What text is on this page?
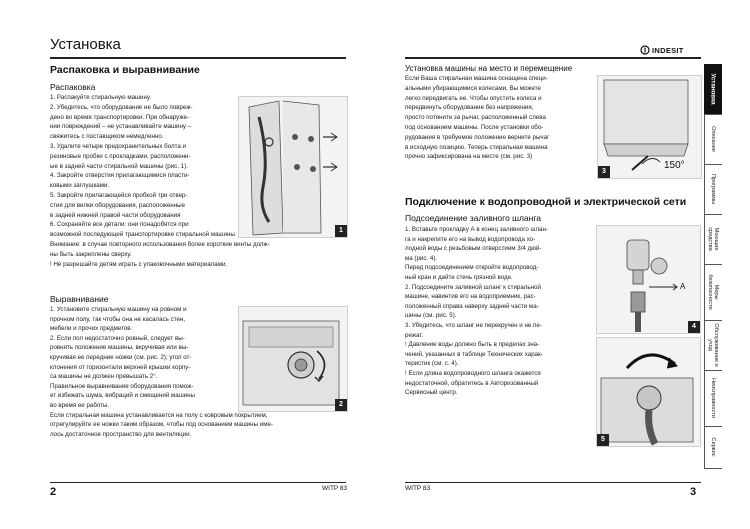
Установка
Распаковка и выравнивание
Распаковка
1. Распакуйте стиральную машину.
2. Убедитесь, что оборудование не было повреж-
дено во время транспортировки. При обнаруже-
нии повреждений – не устанавливайте машину –
свяжитесь с поставщиком немедленно.
3. Удалите четыре предохранительных болта и
резиновые пробки с прокладками, расположенн-
ые в задней части стиральной машины (рис. 1).
4. Закройте отверстия прилагающимися пласти-
ковыми заглушками.
5. Закройте прилагающейся пробкой три отвер-
стия для вилки оборудования, расположенные
в задней нижней правой части оборудования
6. Сохраняйте все детали: они понадобятся при
возможной последующей транспортировке стиральной машины.
Внимание: в случае повторного использования более короткие винты долж-
ны быть закреплены сверху.
! Не разрешайте детям играть с упаковочными материалами.
1
Выравнивание
1. Установите стиральную машину на ровном и
прочном полу, так чтобы она не касалась стен,
мебели и прочих предметов.
2. Если пол недостаточно ровный, следует вы-
ровнять положение машины, вкручивая или вы-
кручивая ее передние ножки (см. рис. 2); угол от-
клонения от горизонтали верхней крышки корпу-
са машины не должен превышать 2°.
Правильное выравнивание оборудования помож-
ет избежать шума, вибраций и смещений машины
во время ее работы.
Если стиральная машина устанавливается на полу с ковровым покрытием,
отрегулируйте ее ножки таким образом, чтобы под основанием машины име-
лось достаточное пространство для вентиляции.
2
2	WITP 83
INDESIT
Установка машины на место и перемещение
Если Ваша стиральная машина оснащена специ-
альными убирающимися колесами, Вы можете
легко передвигать ее. Чтобы опустить колеса и
передвинуть оборудование без напряжения,
просто потяните за рычаг, расположенный слева
под основанием машины. После установки обо-
рудования в требуемое положение верните рычаг
в исходную позицию. Теперь стиральная машина
прочно зафиксирована на месте (см. рис. 3)
150°
3
Подключение к водопроводной и электрической сети
Подсоединение заливного шланга
1. Вставьте прокладку А в конец заливного шлан-
га и накрепите его на вывод водопровода хо-
лодной воды с резьбовым отверстием 3/4 дюй-
ма (рис. 4).
Перед подсоединением откройте водопровод-
ный кран и дайте стечь грязной воде.
2. Подсоедините заливной шланг к стиральной
машине, навинтив его на водоприемник, рас-
положенный справа наверху задней части ма-
шины (см. рис. 5).
3. Убедитесь, что шланг не перекручен и не пе-
режат.
! Давление воды должно быть в пределах зна-
чений, указанных в таблице Технических харак-
теристик (см. с. 4).
! Если длина водопроводного шланга окажется
недостаточной, обратитесь в Авторизованный
Сервисный центр.
A
4
5
WITP 83	3
Установка
Описание
Программы
Моющие средства
Меры безопасности
Обслуживание и уход
Неисправности
Сервис
